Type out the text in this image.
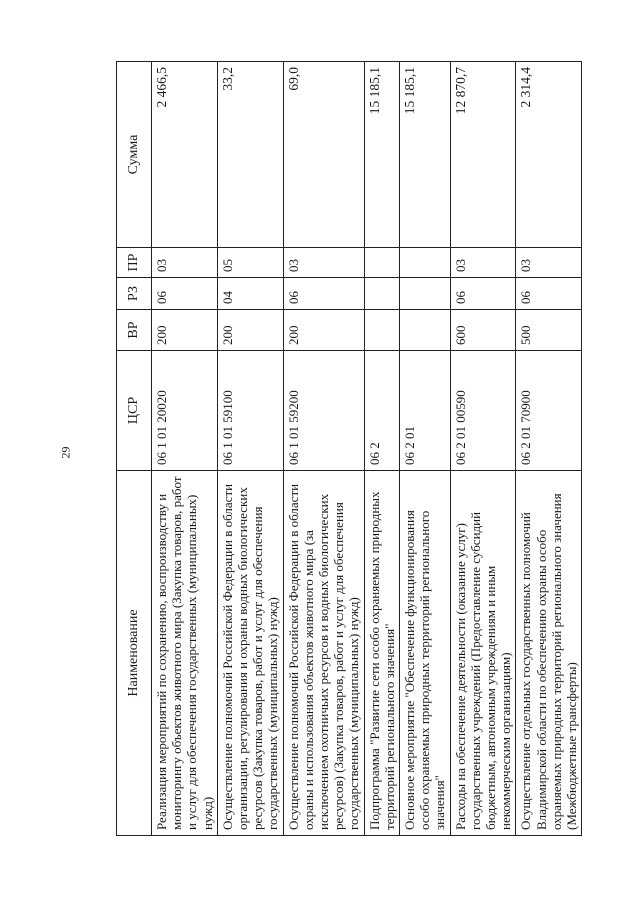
29
Наименование	ЦСР	ВР	РЗ	ПР	Сумма
Реализация мероприятий по сохранению, воспроизводству и мониторингу объектов животного мира (Закупка товаров, работ и услуг для обеспечения государственных (муниципальных) нужд)	06 1 01 20020	200	06	03	2 466,5
Осуществление полномочий Российской Федерации в области организации, регулирования и охраны водных биологических ресурсов (Закупка товаров, работ и услуг для обеспечения государственных (муниципальных) нужд)	06 1 01 59100	200	04	05	33,2
Осуществление полномочий Российской Федерации в области охраны и использования объектов животного мира (за исключением охотничьих ресурсов и водных биологических ресурсов) (Закупка товаров, работ и услуг для обеспечения государственных (муниципальных) нужд)	06 1 01 59200	200	06	03	69,0
Подпрограмма "Развитие сети особо охраняемых природных территорий регионального значения"	06 2				15 185,1
Основное мероприятие "Обеспечение функционирования особо охраняемых природных территорий регионального значения"	06 2 01				15 185,1
Расходы на обеспечение деятельности (оказание услуг) государственных учреждений (Предоставление субсидий бюджетным, автономным учреждениям и иным некоммерческим организациям)	06 2 01 00590	600	06	03	12 870,7
Осуществление отдельных государственных полномочий Владимирской области по обеспечению охраны особо охраняемых природных территорий регионального значения (Межбюджетные трансферты)	06 2 01 70900	500	06	03	2 314,4
